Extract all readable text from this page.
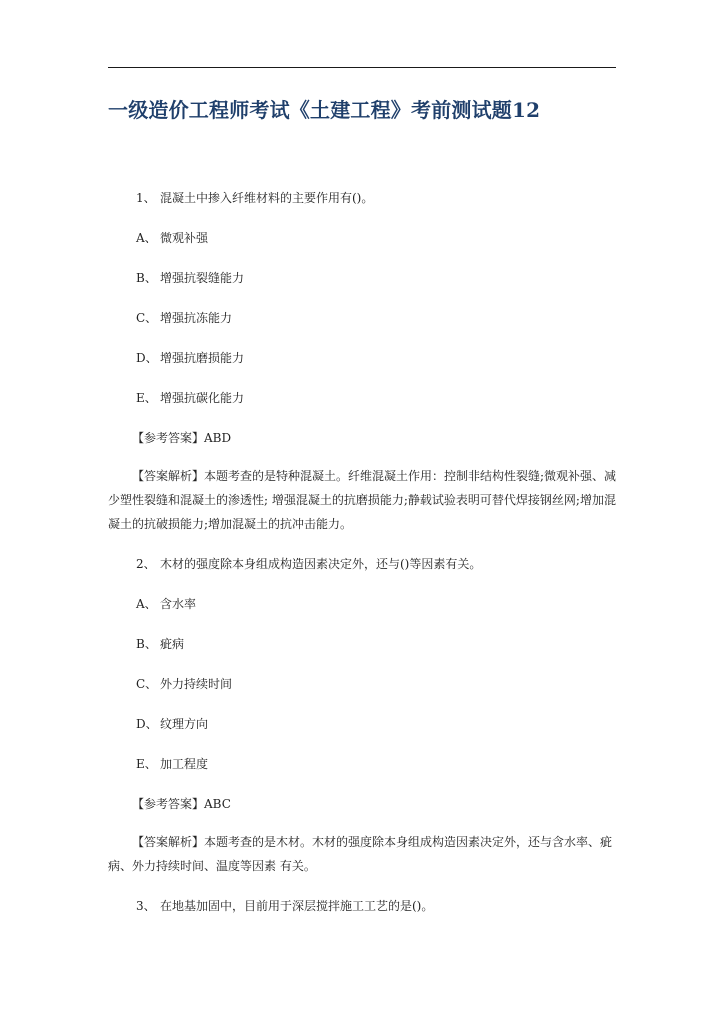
一级造价工程师考试《土建工程》考前测试题12
1、 混凝土中掺入纤维材料的主要作用有()。
A、 微观补强
B、 增强抗裂缝能力
C、 增强抗冻能力
D、 增强抗磨损能力
E、 增强抗碳化能力
【参考答案】ABD
【答案解析】本题考查的是特种混凝土。纤维混凝土作用：控制非结构性裂缝;微观补强、减少塑性裂缝和混凝土的渗透性; 增强混凝土的抗磨损能力;静载试验表明可替代焊接钢丝网;增加混凝土的抗破损能力;增加混凝土的抗冲击能力。
2、 木材的强度除本身组成构造因素决定外，还与()等因素有关。
A、 含水率
B、 疵病
C、 外力持续时间
D、 纹理方向
E、 加工程度
【参考答案】ABC
【答案解析】本题考查的是木材。木材的强度除本身组成构造因素决定外，还与含水率、疵病、外力持续时间、温度等因素 有关。
3、 在地基加固中，目前用于深层搅拌施工工艺的是()。
